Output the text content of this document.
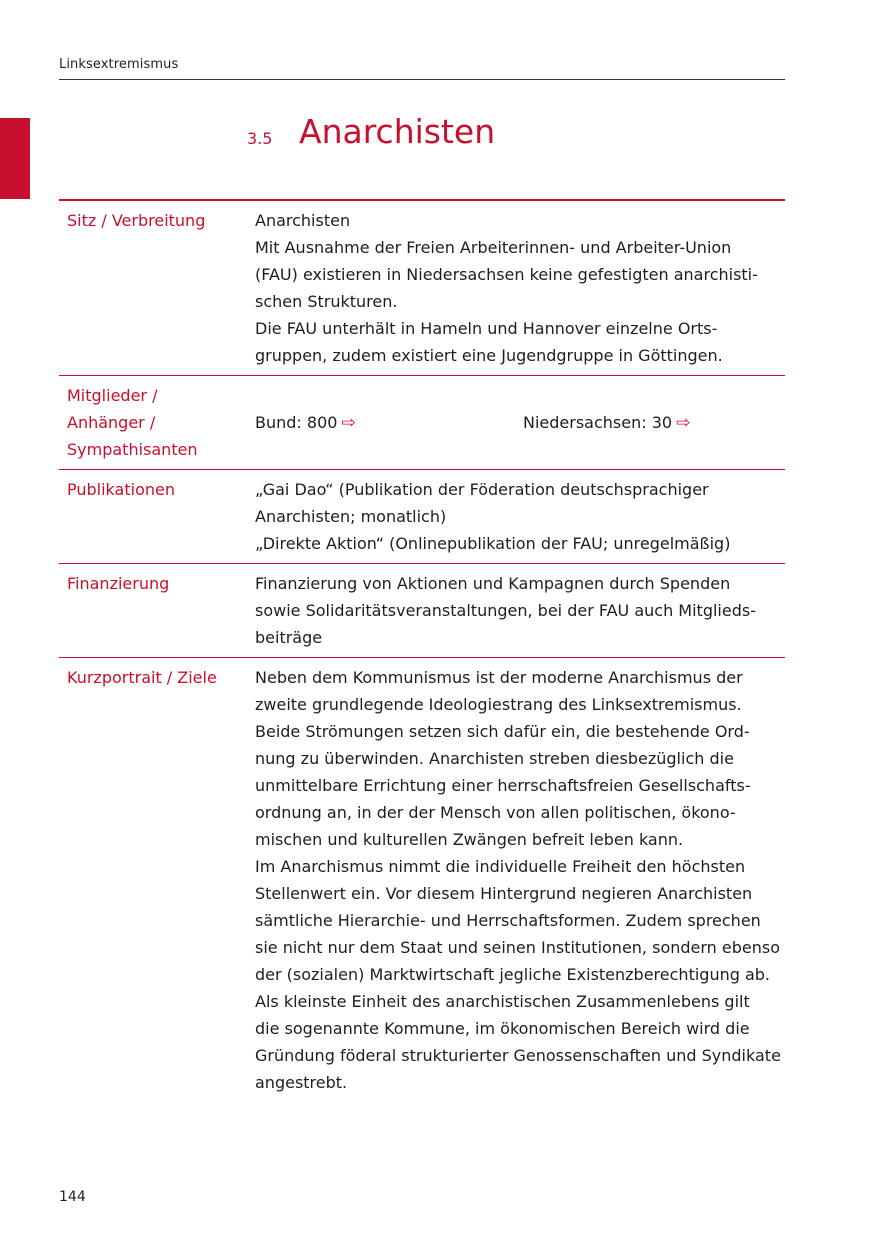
Linksextremismus
3.5 Anarchisten
Sitz / Verbreitung	Anarchisten
Mit Ausnahme der Freien Arbeiterinnen- und Arbeiter-Union
(FAU) existieren in Niedersachsen keine gefestigten anarchisti-
schen Strukturen.
Die FAU unterhält in Hameln und Hannover einzelne Orts-
gruppen, zudem existiert eine Jugendgruppe in Göttingen.
Mitglieder /
Anhänger /
Sympathisanten
Bund: 800 ⇨	Niedersachsen: 30 ⇨
Publikationen	„Gai Dao“ (Publikation der Föderation deutschsprachiger
Anarchisten; monatlich)
„Direkte Aktion“ (Onlinepublikation der FAU; unregelmäßig)
Finanzierung	Finanzierung von Aktionen und Kampagnen durch Spenden
sowie Solidaritätsveranstaltungen, bei der FAU auch Mitglieds-
beiträge
Kurzportrait / Ziele	Neben dem Kommunismus ist der moderne Anarchismus der
zweite grundlegende Ideologiestrang des Linksextremismus.
Beide Strömungen setzen sich dafür ein, die bestehende Ord-
nung zu überwinden. Anarchisten streben diesbezüglich die
unmittelbare Errichtung einer herrschaftsfreien Gesellschafts-
ordnung an, in der der Mensch von allen politischen, ökono-
mischen und kulturellen Zwängen befreit leben kann.
Im Anarchismus nimmt die individuelle Freiheit den höchsten
Stellenwert ein. Vor diesem Hintergrund negieren Anarchisten
sämtliche Hierarchie- und Herrschaftsformen. Zudem sprechen
sie nicht nur dem Staat und seinen Institutionen, sondern ebenso
der (sozialen) Marktwirtschaft jegliche Existenzberechtigung ab.
Als kleinste Einheit des anarchistischen Zusammenlebens gilt
die sogenannte Kommune, im ökonomischen Bereich wird die
Gründung föderal strukturierter Genossenschaften und Syndikate
angestrebt.
144
